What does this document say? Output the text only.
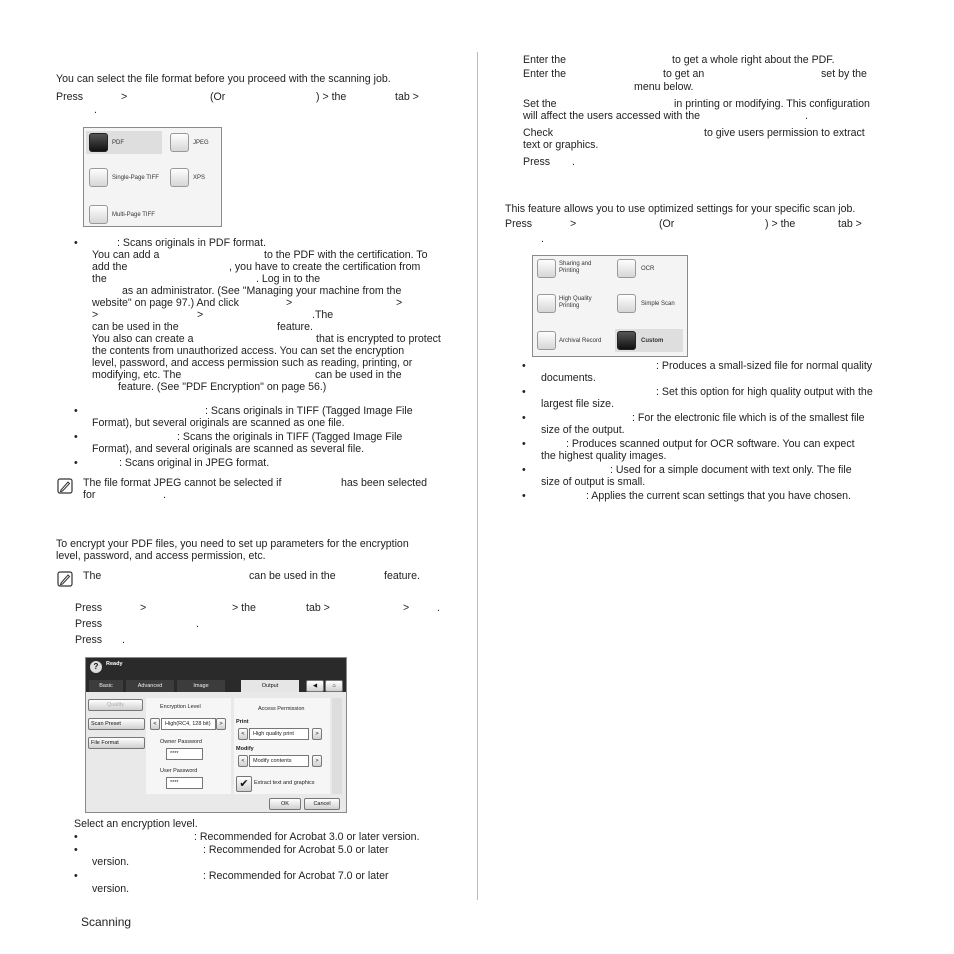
You can select the file format before you proceed with the scanning job.
Press	>	(Or	) > the	tab >
.
PDF	JPEG
Single-Page TIFF	XPS
Multi-Page TIFF
•	: Scans originals in PDF format.
You can add a	to the PDF with the certification. To
add the	, you have to create the certification from
the	. Log in to the
as an administrator. (See "Managing your machine from the
website" on page 97.) And click	>	>
>	>	.The
can be used in the	feature.
You also can create a	that is encrypted to protect
the contents from unauthorized access. You can set the encryption
level, password, and access permission such as reading, printing, or
modifying, etc. The	can be used in the
feature. (See "PDF Encryption" on page 56.)
•	: Scans originals in TIFF (Tagged Image File
Format), but several originals are scanned as one file.
•	: Scans the originals in TIFF (Tagged Image File
Format), and several originals are scanned as several file.
•	: Scans original in JPEG format.
The file format JPEG cannot be selected if	has been selected
for	.
To encrypt your PDF files, you need to set up parameters for the encryption
level, password, and access permission, etc.
The	can be used in the	feature.
Press	>	> the	tab >	>	.
Press	.
Press .
?	Ready
Basic	Advanced	Image	Output	◀	⌂
Quality
Scan Preset
File Format
Encryption Level
<	High(RC4, 128 bit)	>
Owner Password
****
User Password
****
Access Permission
Print
<	High quality print	>
Modify
<	Modify contents	>
✔ Extract text and graphics
OK	Cancel
Select an encryption level.
•	: Recommended for Acrobat 3.0 or later version.
•	: Recommended for Acrobat 5.0 or later
version.
•	: Recommended for Acrobat 7.0 or later
version.
Scanning
Enter the	to get a whole right about the PDF.
Enter the	to get an	set by the
menu below.
Set the	in printing or modifying. This configuration
will affect the users accessed with the	.
Check	to give users permission to extract
text or graphics.
Press .
This feature allows you to use optimized settings for your specific scan job.
Press	>	(Or	) > the	tab >
.
Sharing and Printing	OCR
High Quality Printing	Simple Scan
Archival Record	Custom
•	: Produces a small-sized file for normal quality
documents.
•	: Set this option for high quality output with the
largest file size.
•	: For the electronic file which is of the smallest file
size of the output.
•	: Produces scanned output for OCR software. You can expect
the highest quality images.
•	: Used for a simple document with text only. The file
size of output is small.
•	: Applies the current scan settings that you have chosen.
